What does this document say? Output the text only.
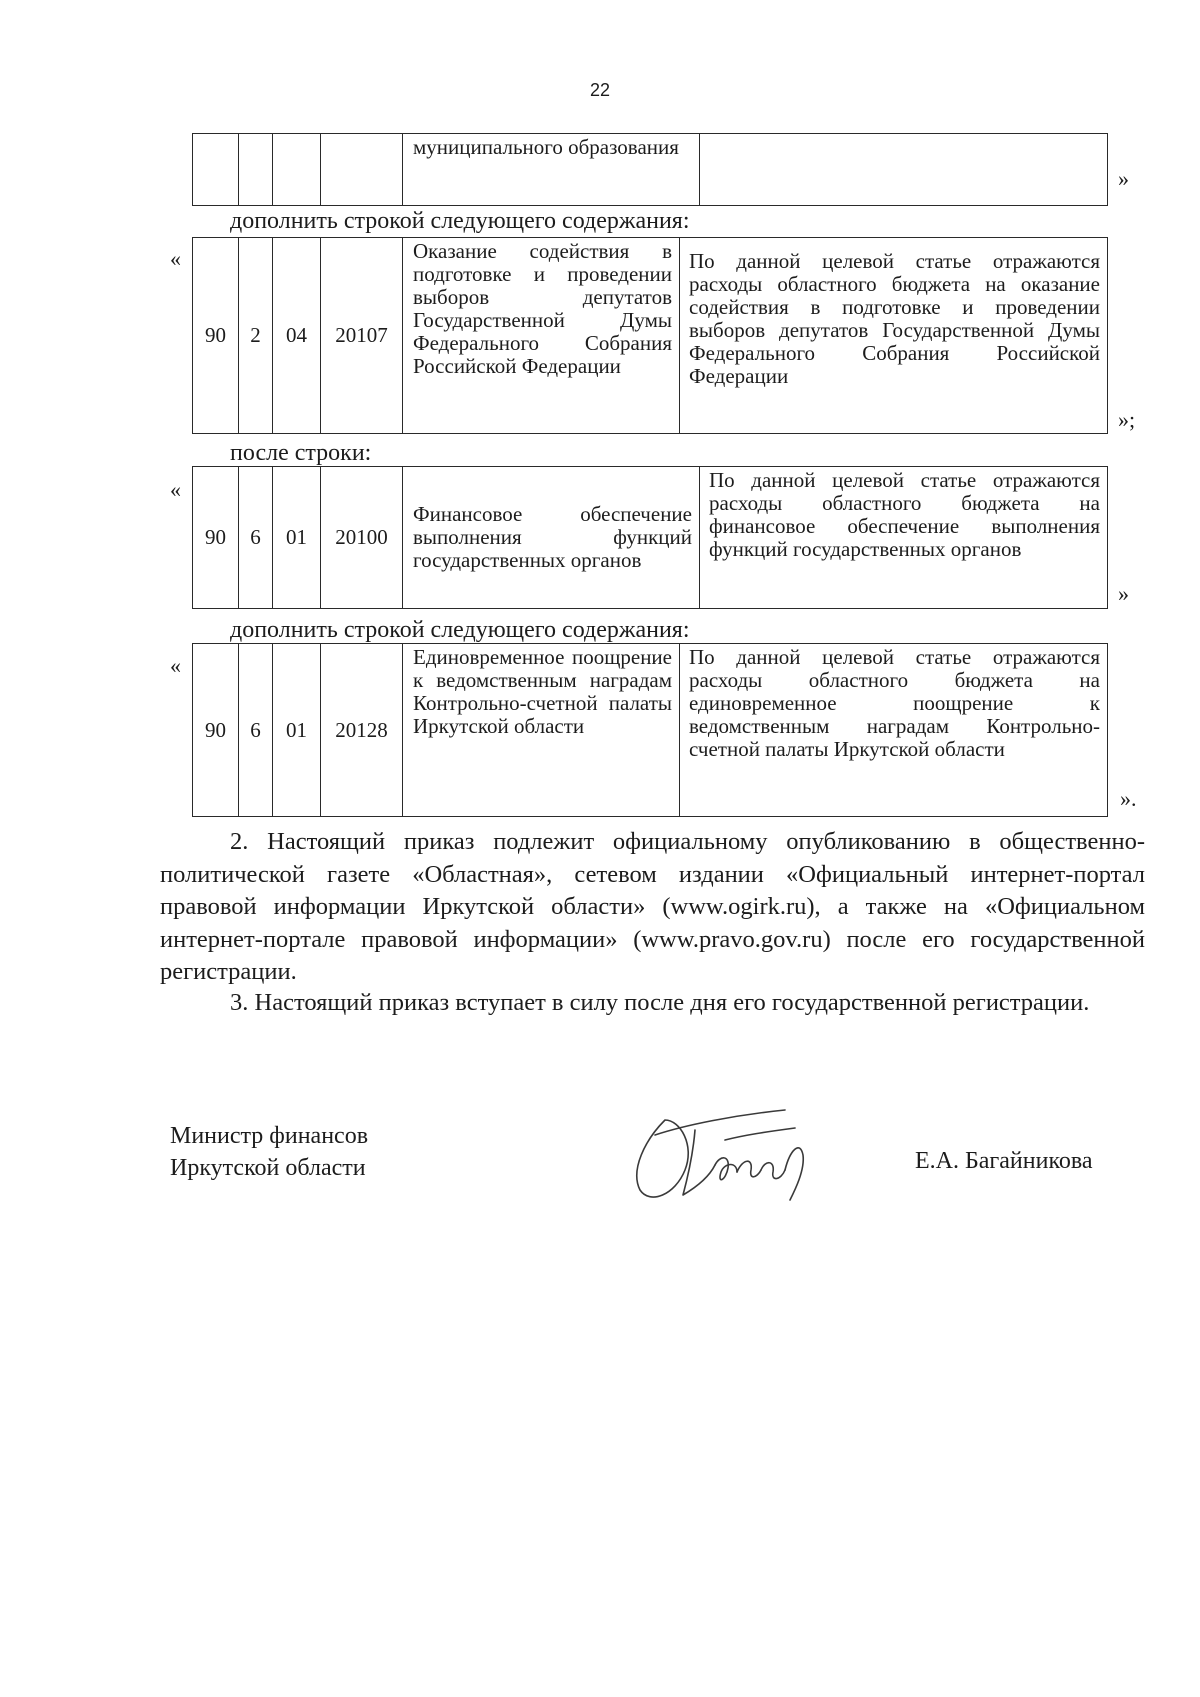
22
				муниципального образования	
»
дополнить строкой следующего содержания:
«
90	2	04	20107	Оказание содействия в подготовке и проведении выборов депутатов Государственной Думы Федерального Собрания Российской Федерации	По данной целевой статье отражаются расходы областного бюджета на оказание содействия в подготовке и проведении выборов депутатов Государственной Думы Федерального Собрания Российской Федерации
»;
после строки:
«
90	6	01	20100	Финансовое обеспечение выполнения функций государственных органов	По данной целевой статье отражаются расходы областного бюджета на финансовое обеспечение выполнения функций государственных органов
»
дополнить строкой следующего содержания:
«
90	6	01	20128	Единовременное поощрение к ведомственным наградам Контрольно-счетной палаты Иркутской области	По данной целевой статье отражаются расходы областного бюджета на единовременное поощрение к ведомственным наградам Контрольно-счетной палаты Иркутской области
».

2. Настоящий приказ подлежит официальному опубликованию в общественно-политической газете «Областная», сетевом издании «Официальный интернет-портал правовой информации Иркутской области» (www.ogirk.ru), а также на «Официальном интернет-портале правовой информации» (www.pravo.gov.ru) после его государственной регистрации.

3. Настоящий приказ вступает в силу после дня его государственной регистрации.

Министр финансов
Иркутской области	Е.А. Багайникова
